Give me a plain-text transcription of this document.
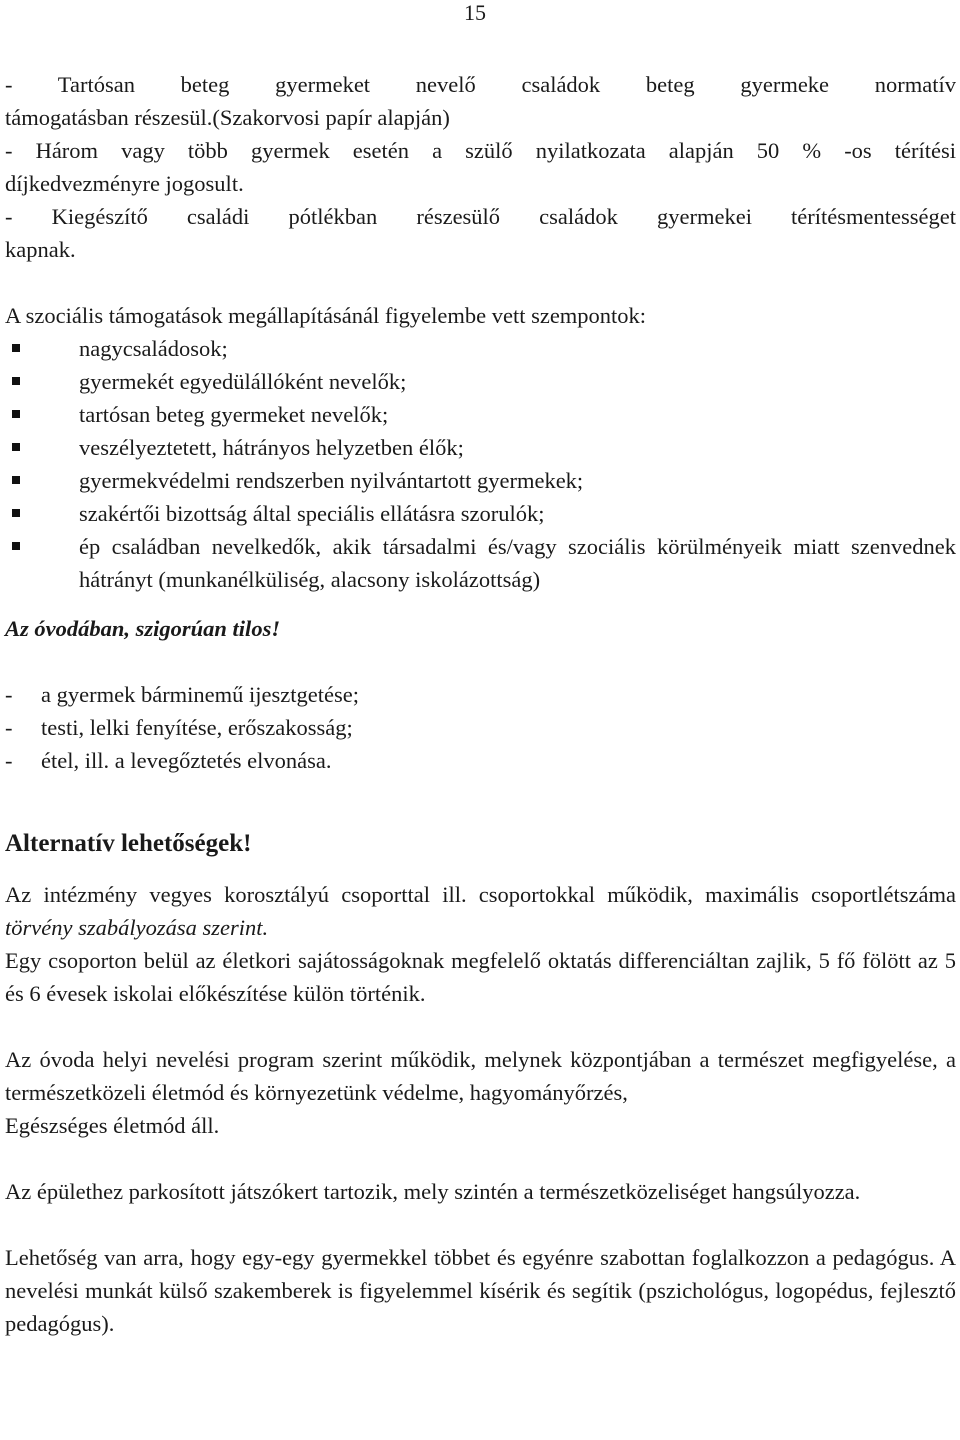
15

- Tartósan beteg gyermeket nevelő családok beteg gyermeke normatív

támogatásban részesül.(Szakorvosi papír alapján)

- Három vagy több gyermek esetén a szülő nyilatkozata alapján 50 % -os térítési

díjkedvezményre jogosult.

- Kiegészítő családi pótlékban részesülő családok gyermekei térítésmentességet

kapnak.

A szociális támogatások megállapításánál figyelembe vett szempontok:

nagycsaládosok;
gyermekét egyedülállóként nevelők;
tartósan beteg gyermeket nevelők;
veszélyeztetett, hátrányos helyzetben élők;
gyermekvédelmi rendszerben nyilvántartott gyermekek;
szakértői bizottság által speciális ellátásra szorulók;
ép családban nevelkedők, akik társadalmi és/vagy szociális körülményeik miatt szenvednek hátrányt (munkanélküliség, alacsony iskolázottság)

Az óvodában, szigorúan tilos!

- a gyermek bárminemű ijesztgetése;
- testi, lelki fenyítése, erőszakosság;
- étel, ill. a levegőztetés elvonása.

Alternatív lehetőségek!

Az intézmény vegyes korosztályú csoporttal ill. csoportokkal működik, maximális csoportlétszáma törvény szabályozása szerint.

Egy csoporton belül az életkori sajátosságoknak megfelelő oktatás differenciáltan zajlik, 5 fő fölött az 5 és 6 évesek iskolai előkészítése külön történik.

Az óvoda helyi nevelési program szerint működik, melynek központjában a természet megfigyelése, a természetközeli életmód és környezetünk védelme, hagyományőrzés,

Egészséges életmód áll.

Az épülethez parkosított játszókert tartozik, mely szintén a természetközeliséget hangsúlyozza.

Lehetőség van arra, hogy egy-egy gyermekkel többet és egyénre szabottan foglalkozzon a pedagógus. A nevelési munkát külső szakemberek is figyelemmel kísérik és segítik (pszichológus, logopédus, fejlesztő pedagógus).
